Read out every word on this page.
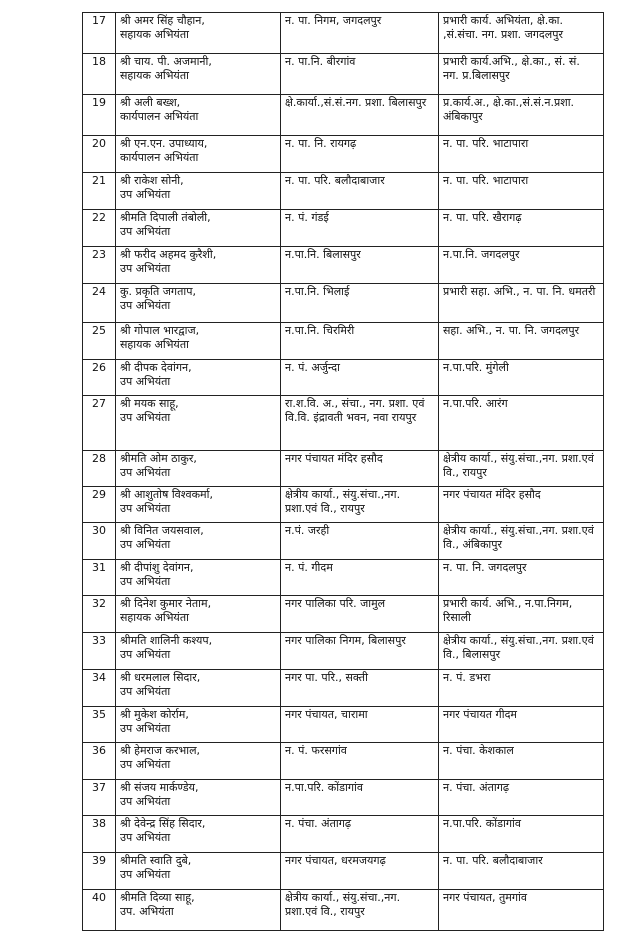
17	श्री अमर सिंह चौहान,
सहायक अभियंता	न. पा. निगम, जगदलपुर	प्रभारी कार्य. अभियंता, क्षे.का. ,सं.संचा. नग. प्रशा. जगदलपुर
18	श्री चाय. पी. अजमानी,
सहायक अभियंता	न. पा.नि. बीरगांव	प्रभारी कार्य.अभि., क्षे.का., सं. सं. नग. प्र.बिलासपुर
19	श्री अली बख्श,
कार्यपालन अभियंता	क्षे.कार्या.,सं.सं.नग. प्रशा. बिलासपुर	प्र.कार्य.अ., क्षे.का.,सं.सं.न.प्रशा. अंबिकापुर
20	श्री एन.एन. उपाध्याय,
कार्यपालन अभियंता	न. पा. नि. रायगढ़	न. पा. परि. भाटापारा
21	श्री राकेश सोनी,
उप अभियंता	न. पा. परि. बलौदाबाजार	न. पा. परि. भाटापारा
22	श्रीमति दिपाली तंबोली,
उप अभियंता	न. पं. गंडई	न. पा. परि. खैरागढ़
23	श्री फरीद अहमद कुरैशी,
उप अभियंता	न.पा.नि. बिलासपुर	न.पा.नि. जगदलपुर
24	कु. प्रकृति जगताप,
उप अभियंता	न.पा.नि. भिलाई	प्रभारी सहा. अभि., न. पा. नि. धमतरी
25	श्री गोपाल भारद्वाज,
सहायक अभियंता	न.पा.नि. चिरमिरी	सहा. अभि., न. पा. नि. जगदलपुर
26	श्री दीपक देवांगन,
उप अभियंता	न. पं. अर्जुन्दा	न.पा.परि. मुंगेली
27	श्री मयक साहू,
उप अभियंता	रा.श.वि. अ., संचा., नग. प्रशा. एवं वि.वि. इंद्रावती भवन, नवा रायपुर	न.पा.परि. आरंग
28	श्रीमति ओम ठाकुर,
उप अभियंता	नगर पंचायत मंदिर हसौद	क्षेत्रीय कार्या., संयु.संचा.,नग. प्रशा.एवं वि., रायपुर
29	श्री आशुतोष विश्वकर्मा,
उप अभियंता	क्षेत्रीय कार्या., संयु.संचा.,नग. प्रशा.एवं वि., रायपुर	नगर पंचायत मंदिर हसौद
30	श्री विनित जयसवाल,
उप अभियंता	न.पं. जरही	क्षेत्रीय कार्या., संयु.संचा.,नग. प्रशा.एवं वि., अंबिकापुर
31	श्री दीपांशु देवांगन,
उप अभियंता	न. पं. गीदम	न. पा. नि. जगदलपुर
32	श्री दिनेश कुमार नेताम,
सहायक अभियंता	नगर पालिका परि. जामुल	प्रभारी कार्य. अभि., न.पा.निगम, रिसाली
33	श्रीमति शालिनी कश्यप,
उप अभियंता	नगर पालिका निगम, बिलासपुर	क्षेत्रीय कार्या., संयु.संचा.,नग. प्रशा.एवं वि., बिलासपुर
34	श्री धरमलाल सिदार,
उप अभियंता	नगर पा. परि., सक्ती	न. पं. डभरा
35	श्री मुकेश कोर्राम,
उप अभियंता	नगर पंचायत, चारामा	नगर पंचायत गीदम
36	श्री हेमराज करभाल,
उप अभियंता	न. पं. फरसगांव	न. पंचा. केशकाल
37	श्री संजय मार्कण्डेय,
उप अभियंता	न.पा.परि. कोंडागांव	न. पंचा. अंतागढ़
38	श्री देवेन्द्र सिंह सिदार,
उप अभियंता	न. पंचा. अंतागढ़	न.पा.परि. कोंडागांव
39	श्रीमति स्वाति दुबे,
उप अभियंता	नगर पंचायत, धरमजयगढ़	न. पा. परि. बलौदाबाजार
40	श्रीमति दिव्या साहू,
उप. अभियंता	क्षेत्रीय कार्या., संयु.संचा.,नग. प्रशा.एवं वि., रायपुर	नगर पंचायत, तुमगांव
